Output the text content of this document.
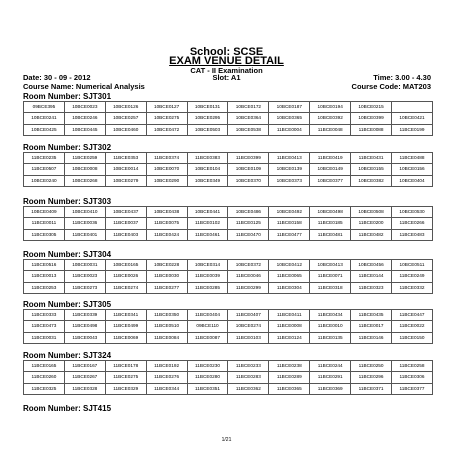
School: SCSE
EXAM VENUE DETAIL
CAT - II Examination
Date: 30 - 09 - 2012	Slot: A1	Time: 3.00 - 4.30
Course Name: Numerical Analysis	Course Code: MAT203
Room Number: SJT301
09BCE395	10BCE0023	10BCE0126	10BCE0127	10BCE0131	10BCE0172	10BCE0187	10BCE0194	10BCE0215	
10BCE0241	10BCE0246	10BCE0257	10BCE0275	10BCE0295	10BCE0364	10BCE0365	10BCE0392	10BCE0399	10BCE0421
10BCE0425	10BCE0445	10BCE0460	10BCE0472	10BCE0503	10BCE0538	11BCE0004	11BCE0048	11BCE0088	11BCE0199
Room Number: SJT302
11BCE0235	11BCE0259	11BCE0353	11BCE0374	11BCE0383	11BCE0399	11BCE0413	11BCE0419	11BCE0431	11BCE0488
11BCE0507	10BCE0008	10BCE0014	10BCE0070	10BCE0104	10BCE0109	10BCE0139	10BCE0149	10BCE0155	10BCE0156
10BCE0240	10BCE0268	10BCE0279	10BCE0290	10BCE0349	10BCE0370	10BCE0373	10BCE0377	10BCE0382	10BCE0404
Room Number: SJT303
10BCE0409	10BCE0410	10BCE0437	10BCE0438	10BCE0441	10BCE0486	10BCE0492	10BCE0498	10BCE0508	10BCE0530
11BCE0011	11BCE0036	11BCE0037	11BCE0075	11BCE0102	11BCE0125	11BCE0158	11BCE0185	11BCE0200	11BCE0266
11BCE0305	11BCE0401	11BCE0403	11BCE0424	11BCE0461	11BCE0470	11BCE0477	11BCE0481	11BCE0482	11BCE0483
Room Number: SJT304
11BCE0516	10BCE0031	10BCE0165	10BCE0228	10BCE0314	10BCE0372	10BCE0412	10BCE0413	10BCE0456	10BCE0511
11BCE0013	11BCE0023	11BCE0026	11BCE0030	11BCE0039	11BCE0046	11BCE0065	11BCE0071	11BCE0144	11BCE0249
11BCE0253	11BCE0273	11BCE0274	11BCE0277	11BCE0285	11BCE0299	11BCE0304	11BCE0318	11BCE0323	11BCE0332
Room Number: SJT305
11BCE0333	11BCE0339	11BCE0341	11BCE0350	11BCE0404	11BCE0407	11BCE0411	11BCE0434	11BCE0435	11BCE0447
11BCE0473	11BCE0498	11BCE0499	11BCE0510	09BCE110	10BCE0274	11BCE0008	11BCE0010	11BCE0017	11BCE0022
11BCE0031	11BCE0043	11BCE0069	11BCE0084	11BCE0087	11BCE0103	11BCE0124	11BCE0135	11BCE0146	11BCE0150
Room Number: SJT324
11BCE0165	11BCE0167	11BCE0178	11BCE0192	11BCE0230	11BCE0233	11BCE0238	11BCE0244	11BCE0250	11BCE0258
11BCE0260	11BCE0267	11BCE0275	11BCE0276	11BCE0280	11BCE0283	11BCE0289	11BCE0291	11BCE0296	11BCE0306
11BCE0325	11BCE0328	11BCE0329	11BCE0344	11BCE0351	11BCE0362	11BCE0365	11BCE0369	11BCE0371	11BCE0377
Room Number: SJT415
1/21
